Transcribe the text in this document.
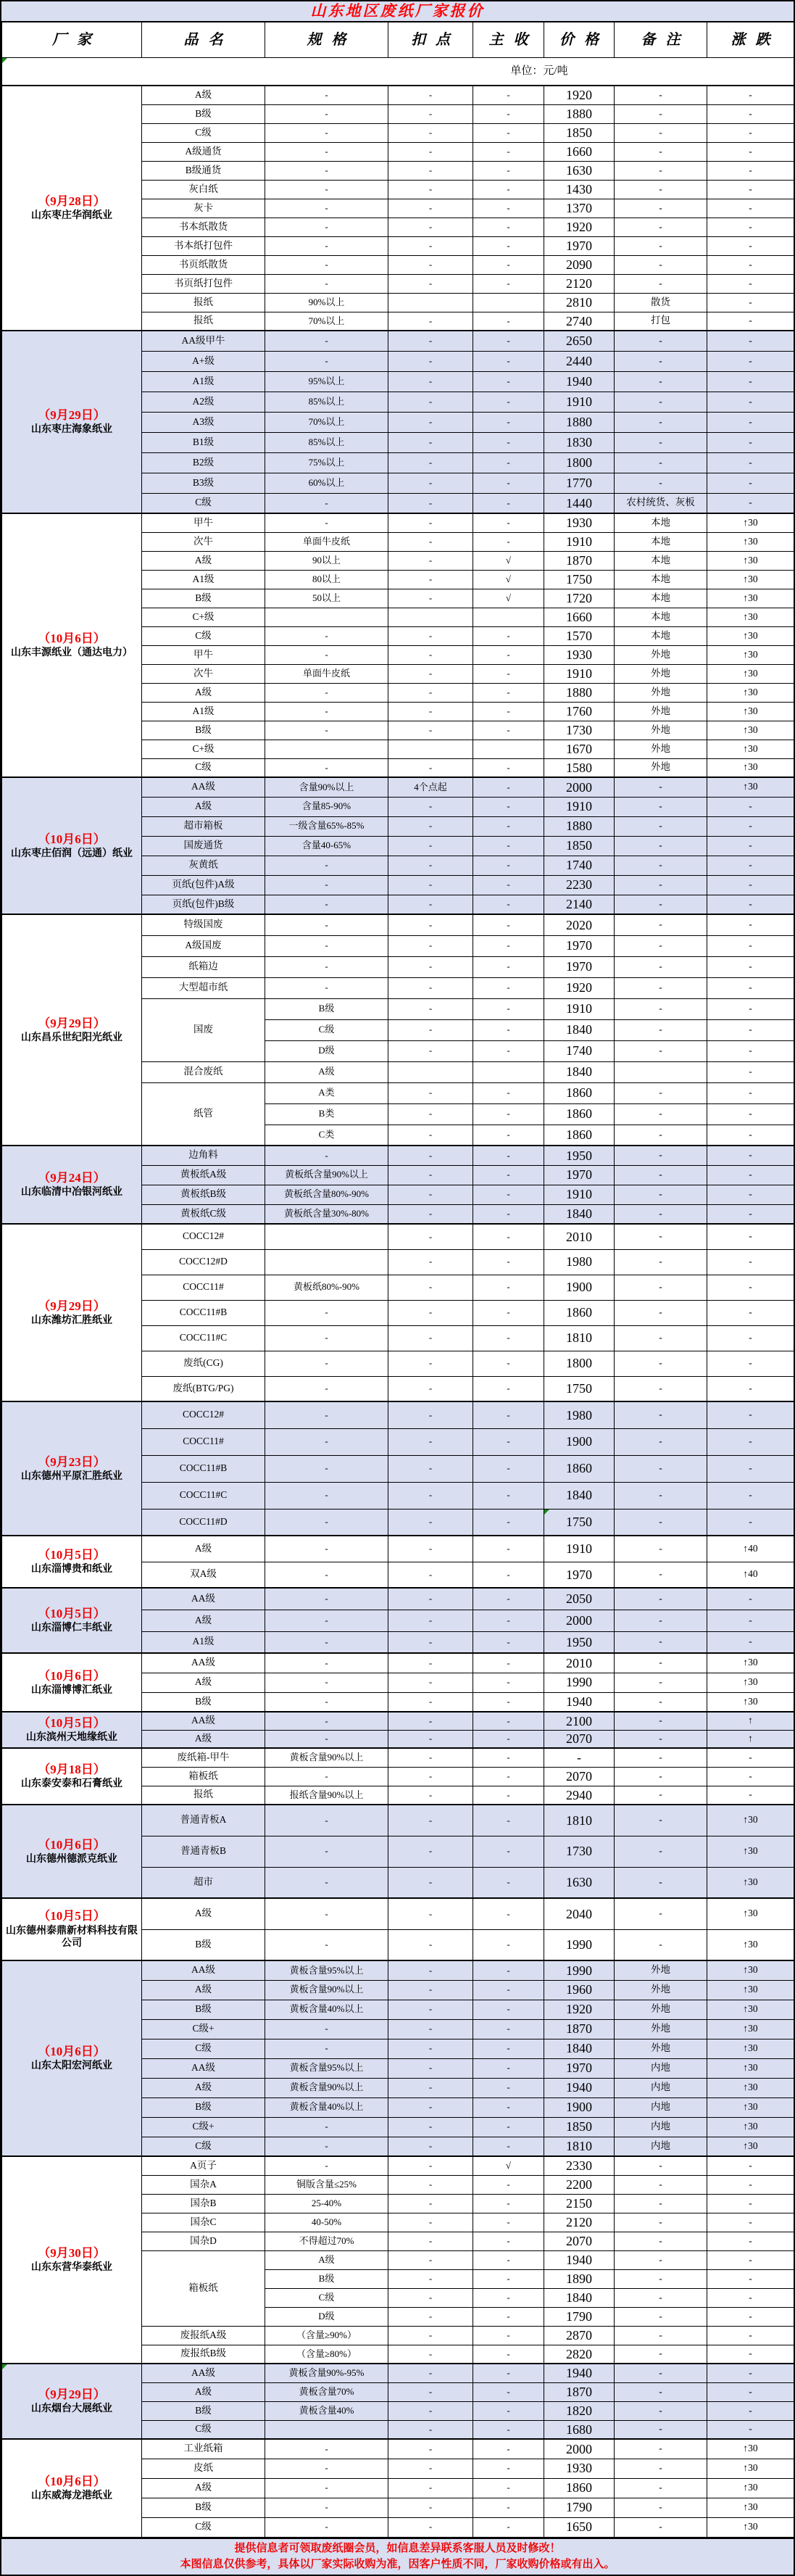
山东地区废纸厂家报价
厂家	品名	规格	扣点	主收	价格	备注	涨跌

单位：元/吨							

（9月28日）
山东枣庄华润纸业	A级	-	-	-	1920	-	-
	B级	-	-	-	1880	-	-
	C级	-	-	-	1850	-	-
	A级通货	-	-	-	1660	-	-
	B级通货	-	-	-	1630	-	-
	灰白纸	-	-	-	1430	-	-
	灰卡	-	-	-	1370	-	-
	书本纸散货	-	-	-	1920	-	-
	书本纸打包件	-	-	-	1970	-	-
	书页纸散货	-	-	-	2090	-	-
	书页纸打包件	-	-	-	2120	-	-
	报纸	90%以上			2810	散货	-
	报纸	70%以上	-	-	2740	打包	-

（9月29日）
山东枣庄海象纸业	AA级甲牛	-	-	-	2650	-	-
	A+级	-	-	-	2440	-	-
	A1级	95%以上	-	-	1940	-	-
	A2级	85%以上	-	-	1910	-	-
	A3级	70%以上	-	-	1880	-	-
	B1级	85%以上	-	-	1830	-	-
	B2级	75%以上	-	-	1800	-	-
	B3级	60%以上	-	-	1770	-	-
	C级	-	-	-	1440	农村统货、灰板	-

（10月6日）
山东丰源纸业（通达电力）	甲牛	-	-	-	1930	本地	↑30
	次牛	单面牛皮纸	-	-	1910	本地	↑30
	A级	90以上	-	√	1870	本地	↑30
	A1级	80以上	-	√	1750	本地	↑30
	B级	50以上	-	√	1720	本地	↑30
	C+级				1660	本地	↑30
	C级	-	-	-	1570	本地	↑30
	甲牛	-	-	-	1930	外地	↑30
	次牛	单面牛皮纸	-	-	1910	外地	↑30
	A级	-	-	-	1880	外地	↑30
	A1级	-	-	-	1760	外地	↑30
	B级	-	-	-	1730	外地	↑30
	C+级				1670	外地	↑30
	C级	-	-	-	1580	外地	↑30

（10月6日）
山东枣庄佰润（远通）纸业	AA级	含量90%以上	4个点起	-	2000	-	↑30
	A级	含量85-90%	-	-	1910	-	-
	超市箱板	一级含量65%-85%	-	-	1880	-	-
	国废通货	含量40-65%	-	-	1850	-	-
	灰黄纸	-	-	-	1740	-	-
	页纸(包件)A级	-	-	-	2230	-	-
	页纸(包件)B级	-	-	-	2140	-	-

（9月29日）
山东昌乐世纪阳光纸业	特级国废	-	-	-	2020	-	-
	A级国废	-	-	-	1970	-	-
	纸箱边	-	-	-	1970	-	-
	大型超市纸	-	-	-	1920	-	-
	国废	B级	-	-	1910	-	-
		C级	-	-	1840	-	-
		D级	-	-	1740	-	-
	混合废纸	A级			1840		-
	纸管	A类	-	-	1860	-	-
		B类	-	-	1860	-	-
		C类	-	-	1860	-	-

（9月24日）
山东临清中冶银河纸业	边角料	-	-	-	1950	-	-
	黄板纸A级	黄板纸含量90%以上	-	-	1970	-	-
	黄板纸B级	黄板纸含量80%-90%	-	-	1910	-	-
	黄板纸C级	黄板纸含量30%-80%	-	-	1840	-	-

（9月29日）
山东潍坊汇胜纸业	COCC12#		-	-	2010	-	-
	COCC12#D		-	-	1980	-	-
	COCC11#	黄板纸80%-90%	-	-	1900	-	-
	COCC11#B	-	-	-	1860	-	-
	COCC11#C	-	-	-	1810	-	-
	废纸(CG)	-	-	-	1800	-	-
	废纸(BTG/PG)	-	-	-	1750	-	-

（9月23日）
山东德州平原汇胜纸业	COCC12#	-	-	-	1980	-	-
	COCC11#	-	-	-	1900	-	-
	COCC11#B	-	-	-	1860	-	-
	COCC11#C	-	-	-	1840	-	-
	COCC11#D	-	-	-	1750	-	-

（10月5日）
山东淄博贵和纸业	A级	-	-	-	1910	-	↑40
	双A级	-	-	-	1970	-	↑40

（10月5日）
山东淄博仁丰纸业	AA级	-	-	-	2050	-	-
	A级	-	-	-	2000	-	-
	A1级	-	-	-	1950	-	-

（10月6日）
山东淄博博汇纸业	AA级	-	-	-	2010	-	↑30
	A级	-	-	-	1990	-	↑30
	B级	-	-	-	1940	-	↑30

（10月5日）
山东滨州天地缘纸业	AA级	-	-	-	2100	-	↑
	A级	-	-	-	2070	-	↑

（9月18日）
山东泰安泰和石膏纸业	废纸箱-甲牛	黄板含量90%以上	-	-	-	-	-
	箱板纸	-	-	-	2070	-	-
	报纸	报纸含量90%以上	-	-	2940	-	-

（10月6日）
山东德州德派克纸业	普通青板A	-	-	-	1810	-	↑30
	普通青板B	-	-	-	1730	-	↑30
	超市	-	-	-	1630	-	↑30

（10月5日）
山东德州泰鼎新材料科技有限公司	A级	-	-	-	2040	-	↑30
	B级	-	-	-	1990	-	↑30

（10月6日）
山东太阳宏河纸业	AA级	黄板含量95%以上	-	-	1990	外地	↑30
	A级	黄板含量90%以上	-	-	1960	外地	↑30
	B级	黄板含量40%以上	-	-	1920	外地	↑30
	C级+	-	-	-	1870	外地	↑30
	C级	-	-	-	1840	外地	↑30
	AA级	黄板含量95%以上	-	-	1970	内地	↑30
	A级	黄板含量90%以上	-	-	1940	内地	↑30
	B级	黄板含量40%以上	-	-	1900	内地	↑30
	C级+	-	-	-	1850	内地	↑30
	C级	-	-	-	1810	内地	↑30

（9月30日）
山东东营华泰纸业	A页子	-	-	√	2330	-	-
	国杂A	铜版含量≤25%	-	-	2200	-	-
	国杂B	25-40%	-	-	2150	-	-
	国杂C	40-50%	-	-	2120	-	-
	国杂D	不得超过70%	-	-	2070	-	-
	箱板纸	A级	-	-	1940	-	-
		B级	-	-	1890	-	-
		C级	-	-	1840	-	-
		D级	-	-	1790	-	-
	废报纸A级	（含量≥90%）	-	-	2870	-	-
	废报纸B级	（含量≥80%）	-	-	2820	-	-

（9月29日）
山东烟台大展纸业	AA级	黄板含量90%-95%	-	-	1940	-	-
	A级	黄板含量70%	-	-	1870	-	-
	B级	黄板含量40%	-	-	1820	-	-
	C级		-	-	1680	-	-

（10月6日）
山东威海龙港纸业	工业纸箱	-	-	-	2000	-	↑30
	皮纸	-	-	-	1930	-	↑30
	A级	-	-	-	1860	-	↑30
	B级	-	-	-	1790	-	↑30
	C级	-	-	-	1650	-	↑30
提供信息者可领取废纸圈会员，如信息差异联系客服人员及时修改！
本图信息仅供参考，具体以厂家实际收购为准，因客户性质不同，厂家收购价格或有出入。
